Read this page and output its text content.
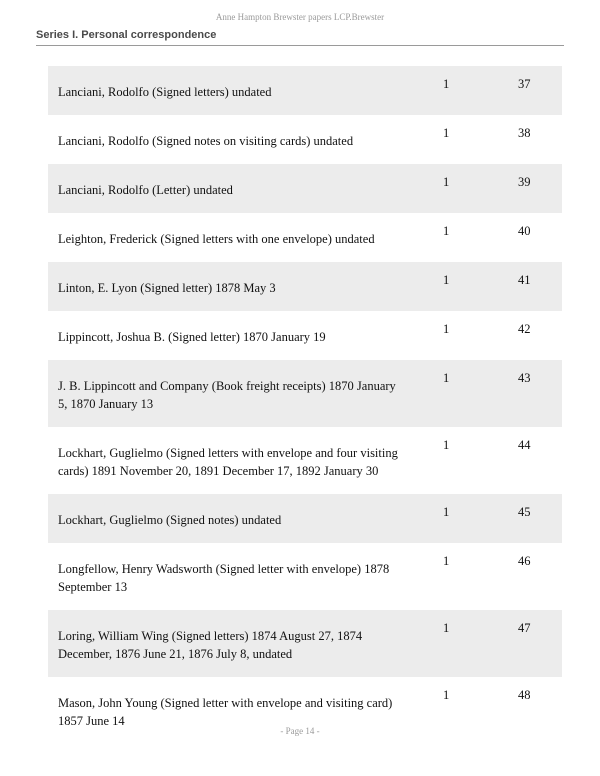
Anne Hampton Brewster papers LCP.Brewster
Series I. Personal correspondence
Lanciani, Rodolfo (Signed letters) undated
1	37
Lanciani, Rodolfo (Signed notes on visiting cards) undated
1	38
Lanciani, Rodolfo (Letter) undated
1	39
Leighton, Frederick (Signed letters with one envelope) undated
1	40
Linton, E. Lyon (Signed letter) 1878 May 3
1	41
Lippincott, Joshua B. (Signed letter) 1870 January 19
1	42
J. B. Lippincott and Company (Book freight receipts) 1870 January 5, 1870 January 13
1	43
Lockhart, Guglielmo (Signed letters with envelope and four visiting cards) 1891 November 20, 1891 December 17, 1892 January 30
1	44
Lockhart, Guglielmo (Signed notes) undated
1	45
Longfellow, Henry Wadsworth (Signed letter with envelope) 1878 September 13
1	46
Loring, William Wing (Signed letters) 1874 August 27, 1874 December, 1876 June 21, 1876 July 8, undated
1	47
Mason, John Young (Signed letter with envelope and visiting card) 1857 June 14
1	48
- Page 14 -
